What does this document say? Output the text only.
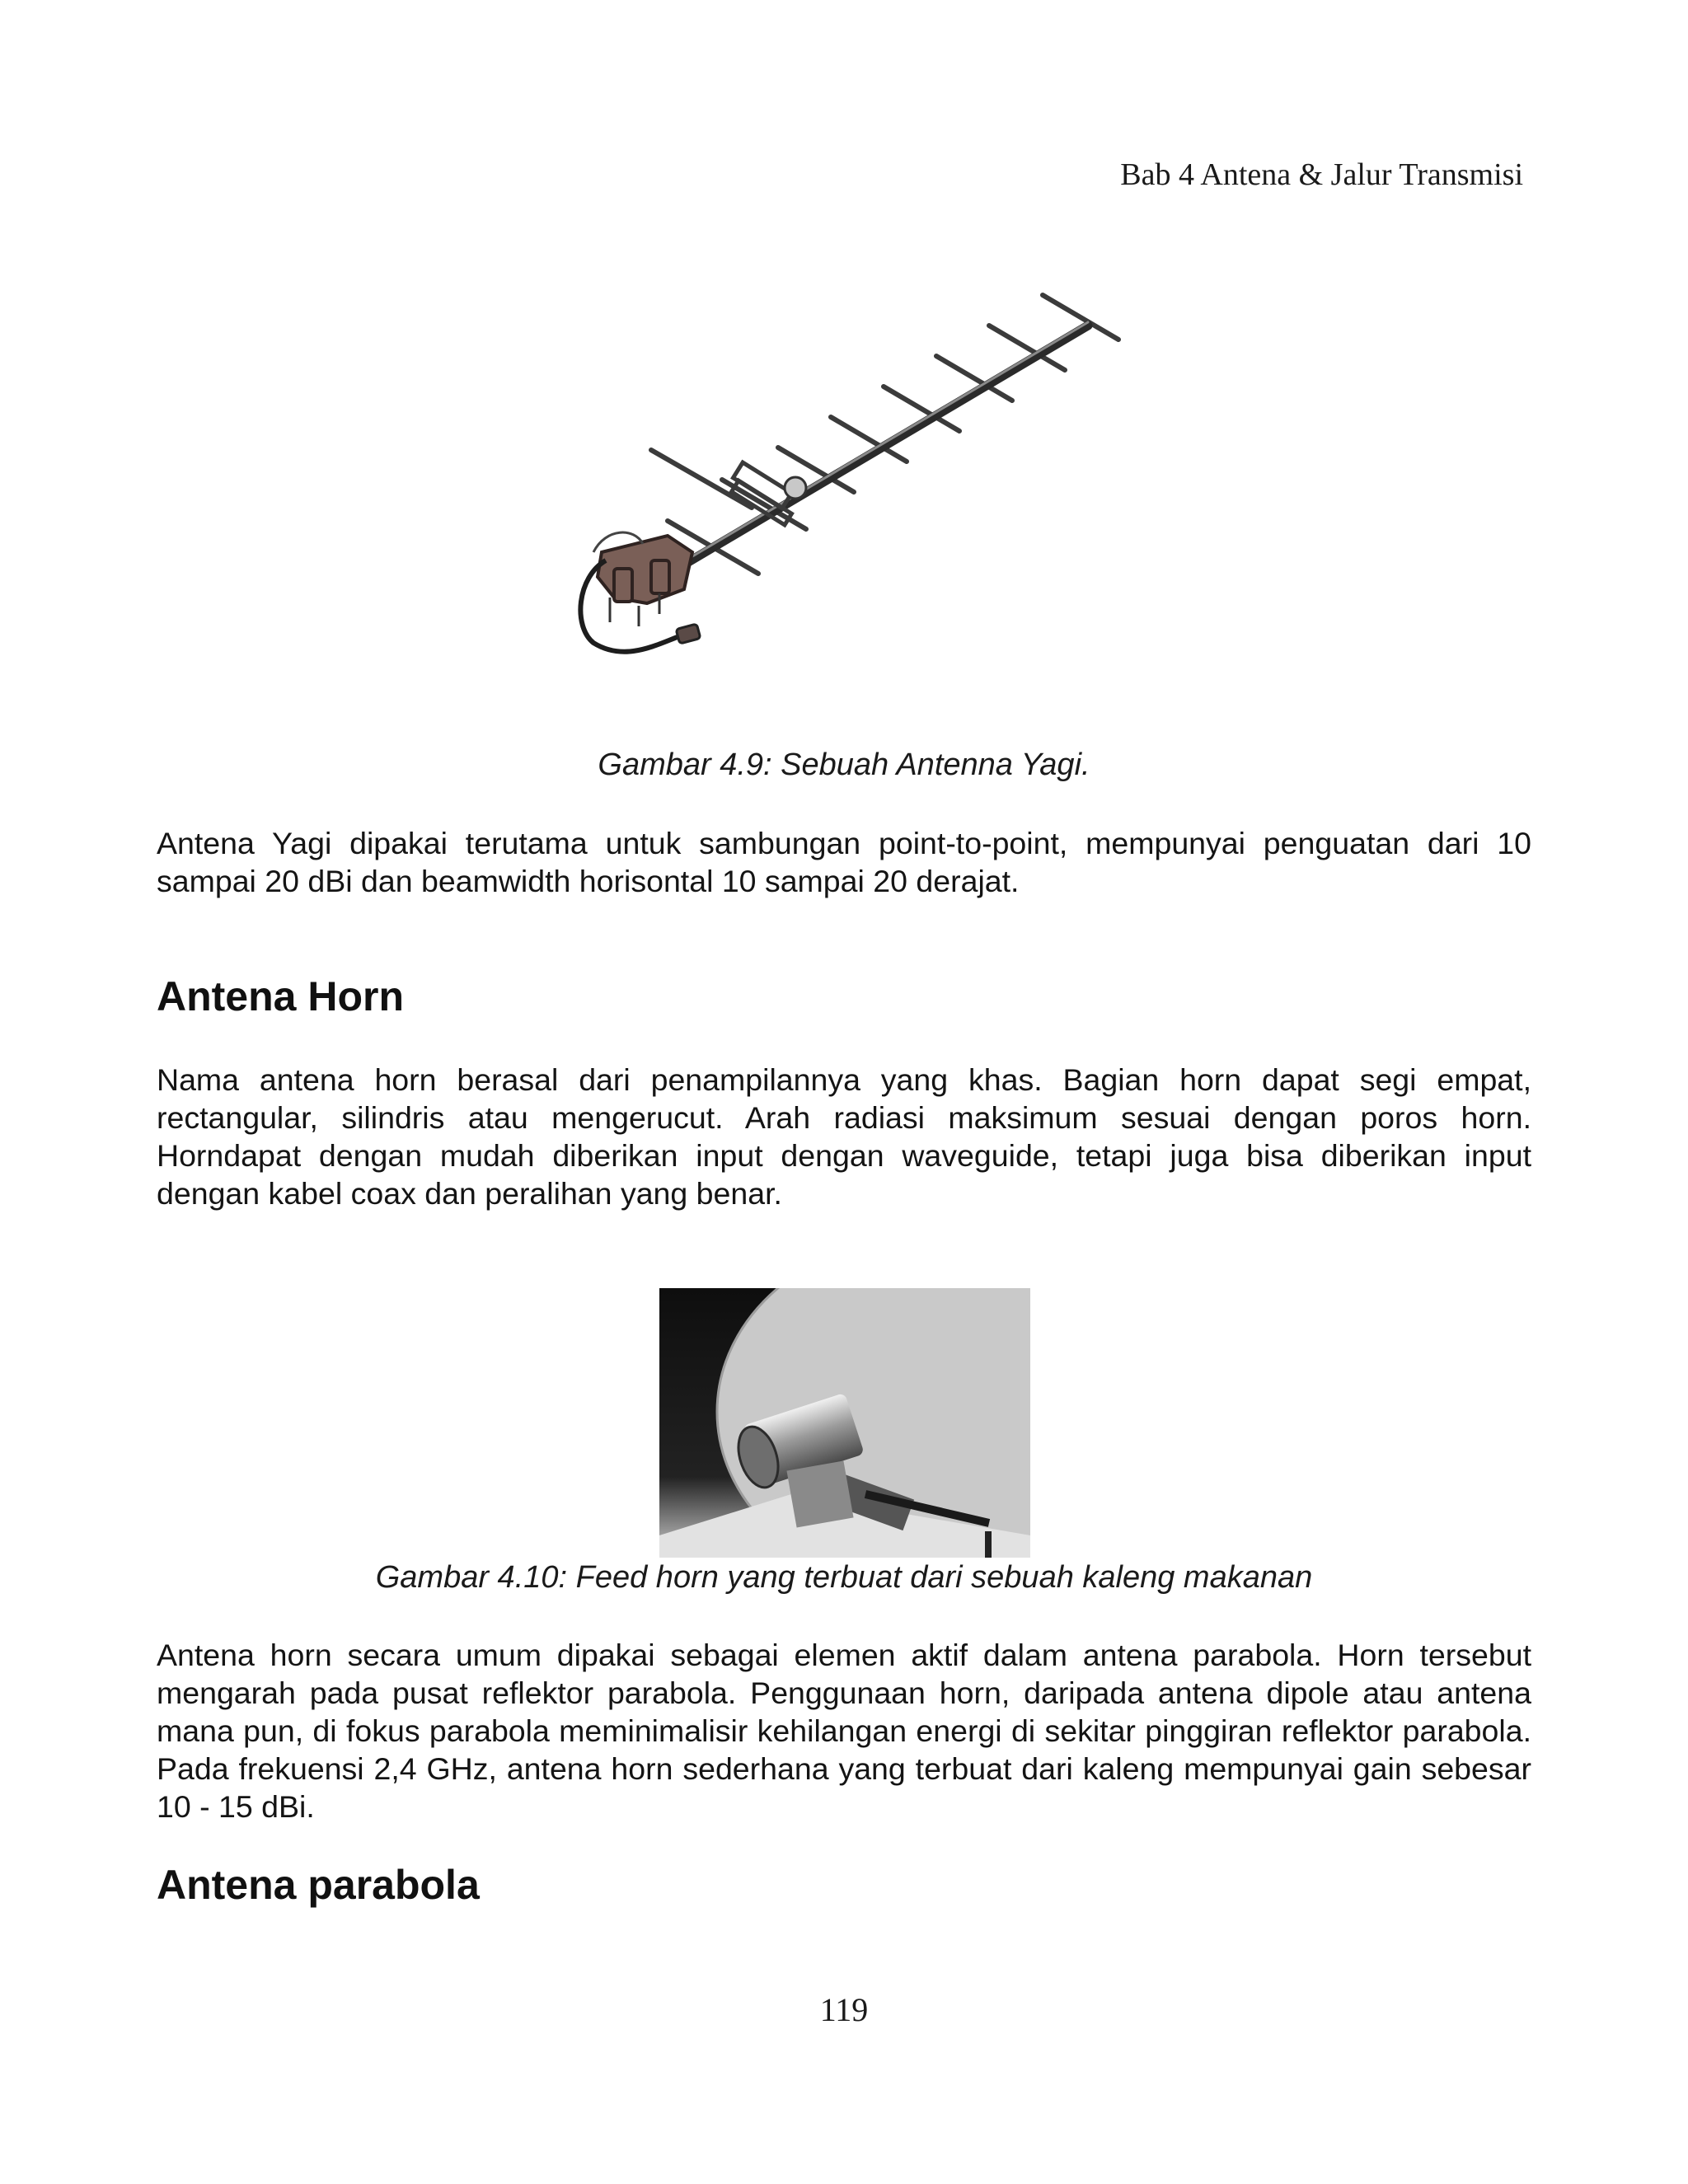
Bab 4 Antena & Jalur Transmisi
Gambar 4.9: Sebuah Antenna Yagi.

Antena Yagi dipakai terutama untuk sambungan point-to-point, mempunyai penguatan dari 10 sampai 20 dBi dan beamwidth horisontal 10 sampai 20 derajat.

Antena Horn

Nama antena horn berasal dari penampilannya yang khas. Bagian horn dapat segi empat, rectangular, silindris atau mengerucut. Arah radiasi maksimum sesuai dengan poros horn. Horndapat dengan mudah diberikan input dengan waveguide, tetapi juga bisa diberikan input dengan kabel coax dan peralihan yang benar.

Gambar 4.10: Feed horn yang terbuat dari sebuah kaleng makanan

Antena horn secara umum dipakai sebagai elemen aktif dalam antena parabola. Horn tersebut mengarah pada pusat reflektor parabola. Penggunaan horn, daripada antena dipole atau antena mana pun, di fokus parabola meminimalisir kehilangan energi di sekitar pinggiran reflektor parabola. Pada frekuensi 2,4 GHz, antena horn sederhana yang terbuat dari kaleng mempunyai gain sebesar 10 - 15 dBi.

Antena parabola
119
